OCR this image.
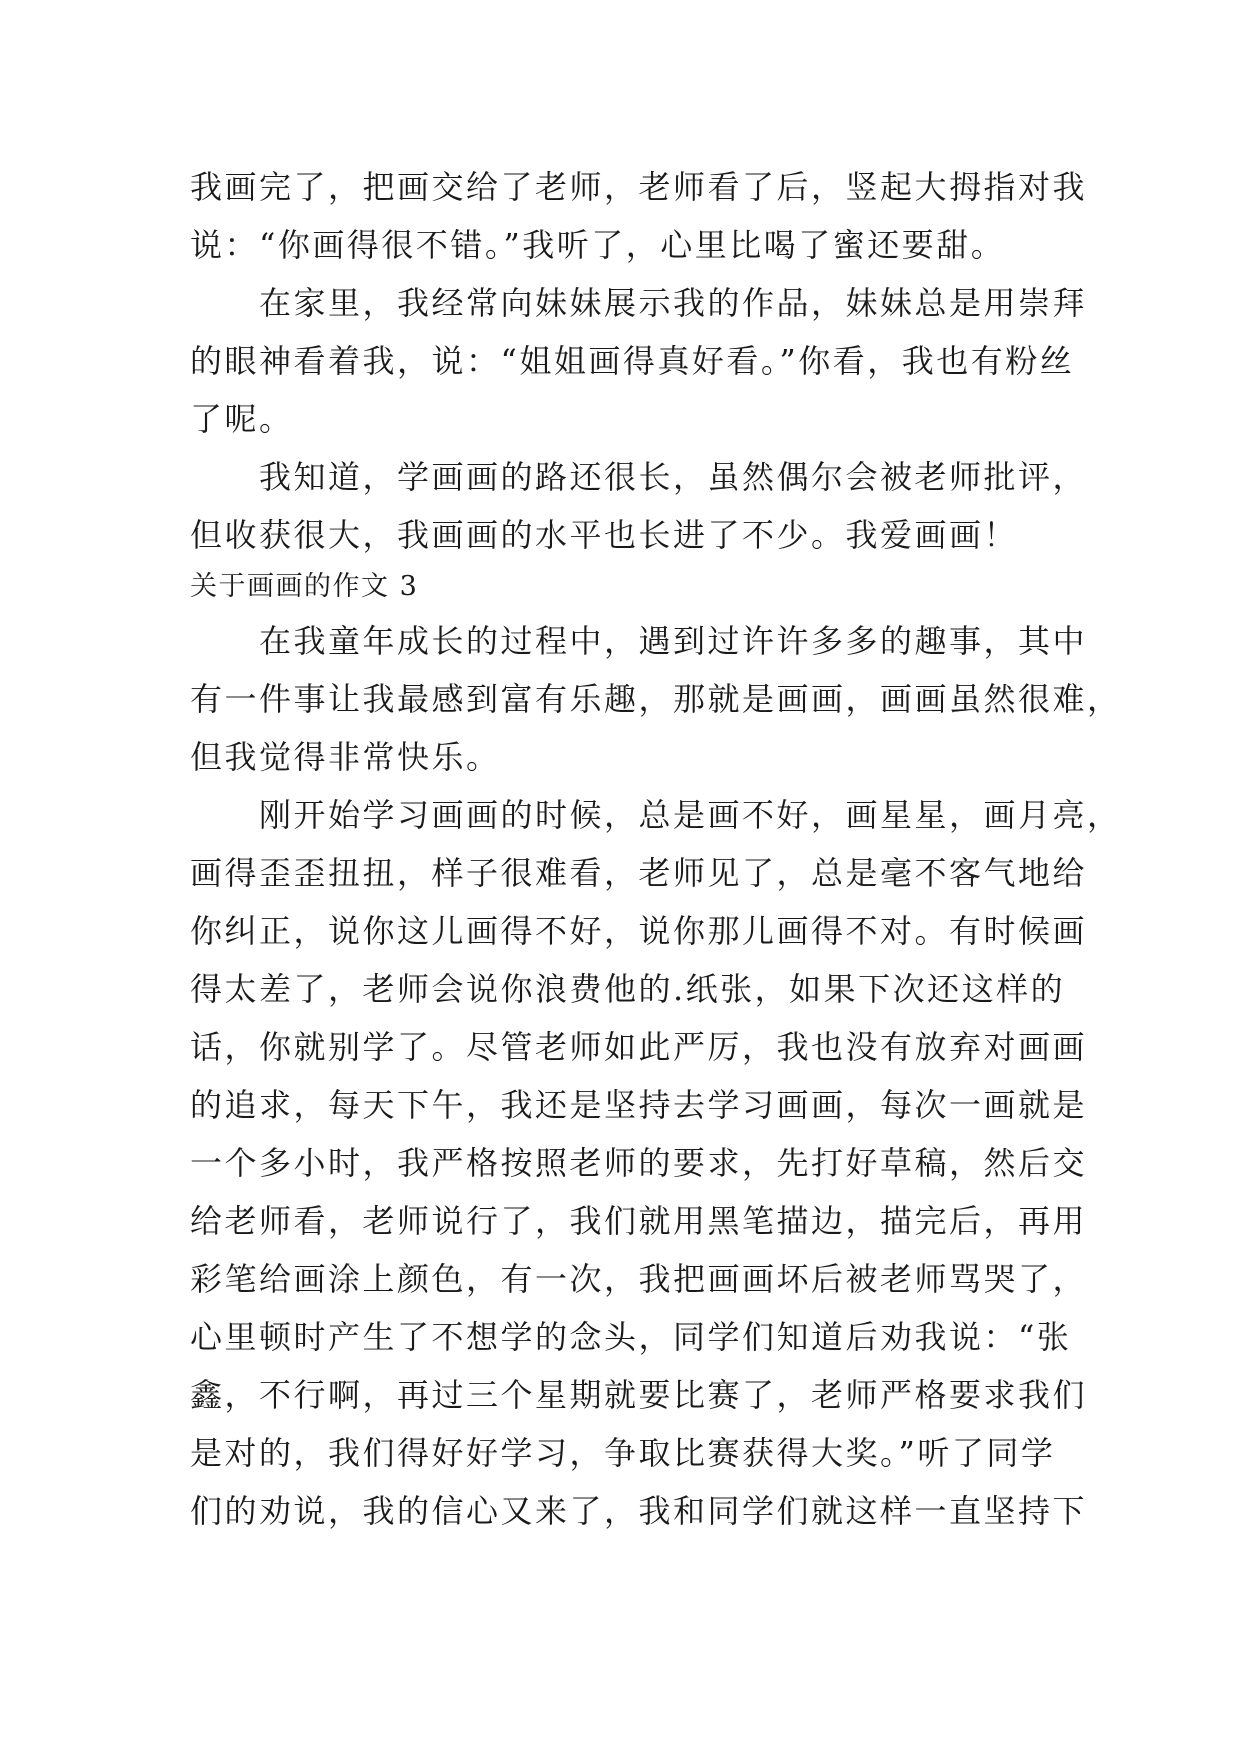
我画完了，把画交给了老师，老师看了后，竖起大拇指对我
说：“你画得很不错。”我听了，心里比喝了蜜还要甜。
　　在家里，我经常向妹妹展示我的作品，妹妹总是用崇拜
的眼神看着我，说：“姐姐画得真好看。”你看，我也有粉丝
了呢。
　　我知道，学画画的路还很长，虽然偶尔会被老师批评，
但收获很大，我画画的水平也长进了不少。我爱画画！
关于画画的作文 3
　　在我童年成长的过程中，遇到过许许多多的趣事，其中
有一件事让我最感到富有乐趣，那就是画画，画画虽然很难，
但我觉得非常快乐。
　　刚开始学习画画的时候，总是画不好，画星星，画月亮，
画得歪歪扭扭，样子很难看，老师见了，总是毫不客气地给
你纠正，说你这儿画得不好，说你那儿画得不对。有时候画
得太差了，老师会说你浪费他的.纸张，如果下次还这样的
话，你就别学了。尽管老师如此严厉，我也没有放弃对画画
的追求，每天下午，我还是坚持去学习画画，每次一画就是
一个多小时，我严格按照老师的要求，先打好草稿，然后交
给老师看，老师说行了，我们就用黑笔描边，描完后，再用
彩笔给画涂上颜色，有一次，我把画画坏后被老师骂哭了，
心里顿时产生了不想学的念头，同学们知道后劝我说：“张
鑫，不行啊，再过三个星期就要比赛了，老师严格要求我们
是对的，我们得好好学习，争取比赛获得大奖。”听了同学
们的劝说，我的信心又来了，我和同学们就这样一直坚持下
